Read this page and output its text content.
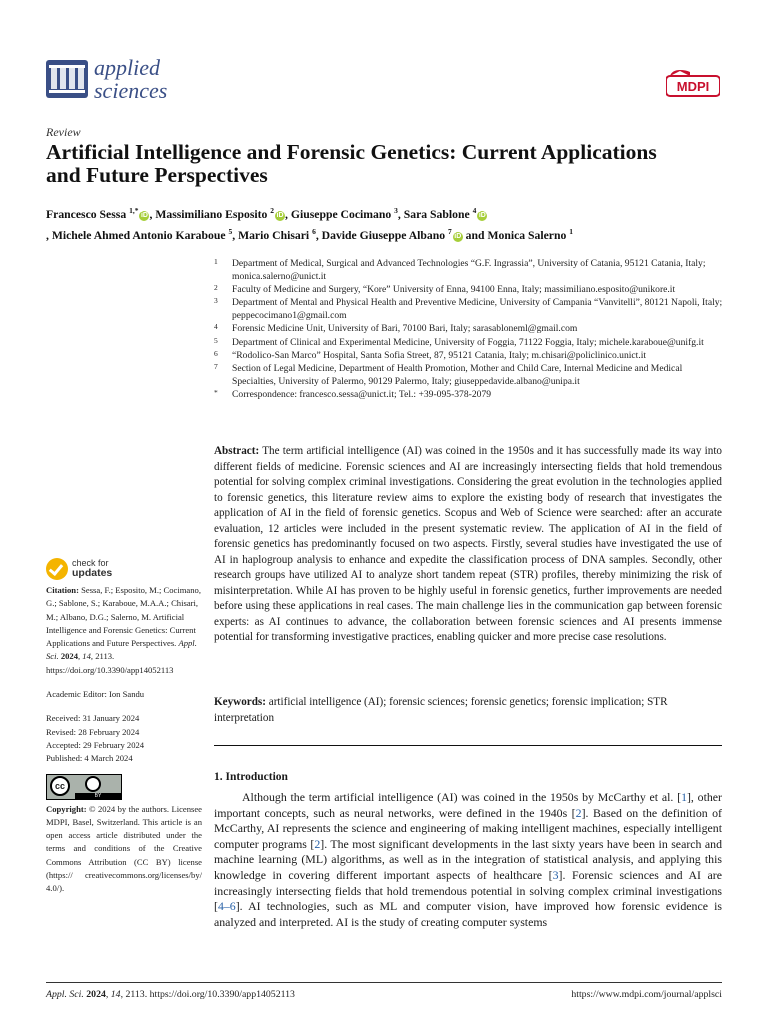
applied
sciences	MDPI
Review
Artificial Intelligence and Forensic Genetics: Current Applications and Future Perspectives
Francesco Sessa $^{1,*}$iD , Massimiliano Esposito $^2$iD , Giuseppe Cocimano $^3$, Sara Sablone $^4$iD
, Michele Ahmed Antonio Karaboue $^5$, Mario Chisari $^6$, Davide Giuseppe Albano $^7$iD and Monica Salerno $^1$
1 Department of Medical, Surgical and Advanced Technologies “G.F. Ingrassia”, University of Catania, 95121 Catania, Italy; monica.salerno@unict.it
2 Faculty of Medicine and Surgery, “Kore” University of Enna, 94100 Enna, Italy; massimiliano.esposito@unikore.it
3 Department of Mental and Physical Health and Preventive Medicine, University of Campania “Vanvitelli”, 80121 Napoli, Italy; peppecocimano1@gmail.com
4 Forensic Medicine Unit, University of Bari, 70100 Bari, Italy; sarasablone​ml@gmail.com
5 Department of Clinical and Experimental Medicine, University of Foggia, 71122 Foggia, Italy; michele.karaboue@unifg.it
6 “Rodolico-San Marco” Hospital, Santa Sofia Street, 87, 95121 Catania, Italy; m.chisari@policlinico.unict.it
7 Section of Legal Medicine, Department of Health Promotion, Mother and Child Care, Internal Medicine and Medical Specialties, University of Palermo, 90129 Palermo, Italy; giuseppedavide.albano@unipa.it
* Correspondence: francesco.sessa@unict.it; Tel.: +39-095-378-2079
Abstract: The term artificial intelligence (AI) was coined in the 1950s and it has successfully made its way into different fields of medicine. Forensic sciences and AI are increasingly intersecting fields that hold tremendous potential for solving complex criminal investigations. Considering the great evolution in the technologies applied to forensic genetics, this literature review aims to explore the existing body of research that investigates the application of AI in the field of forensic genetics. Scopus and Web of Science were searched: after an accurate evaluation, 12 articles were included in the present systematic review. The application of AI in the field of forensic genetics has predominantly focused on two aspects. Firstly, several studies have investigated the use of AI in haplogroup analysis to enhance and expedite the classification process of DNA samples. Secondly, other research groups have utilized AI to analyze short tandem repeat (STR) profiles, thereby minimizing the risk of misinterpretation. While AI has proven to be highly useful in forensic genetics, further improvements are needed before using these applications in real cases. The main challenge lies in the communication gap between forensic experts: as AI continues to advance, the collaboration between forensic sciences and AI presents immense potential for transforming investigative practices, enabling quicker and more precise case resolutions.
Keywords: artificial intelligence (AI); forensic sciences; forensic genetics; forensic implication; STR interpretation
1. Introduction
Although the term artificial intelligence (AI) was coined in the 1950s by McCarthy et al. [1], other important concepts, such as neural networks, were defined in the 1940s [2]. Based on the definition of McCarthy, AI represents the science and engineering of making intelligent machines, especially intelligent computer programs [2]. The most significant developments in the last sixty years have been in search and machine learning (ML) algorithms, as well as in the integration of statistical analysis, and applying this knowledge in covering different important aspects of healthcare [3]. Forensic sciences and AI are increasingly intersecting fields that hold tremendous potential in solving complex criminal investigations [4–6]. AI technologies, such as ML and computer vision, have improved how forensic evidence is analyzed and interpreted. AI is the study of creating computer systems
check for
updates

Citation: Sessa, F.; Esposito, M.; Cocimano, G.; Sablone, S.; Karaboue, M.A.A.; Chisari, M.; Albano, D.G.; Salerno, M. Artificial Intelligence and Forensic Genetics: Current Applications and Future Perspectives. Appl. Sci. 2024, 14, 2113. https://doi.org/10.3390/app14052113

Academic Editor: Ion Sandu

Received: 31 January 2024

Revised: 28 February 2024

Accepted: 29 February 2024

Published: 4 March 2024

cc
BY

Copyright: © 2024 by the authors. Licensee MDPI, Basel, Switzerland. This article is an open access article distributed under the terms and conditions of the Creative Commons Attribution (CC BY) license (https:// creativecommons.org/licenses/by/ 4.0/).

Appl. Sci. 2024, 14, 2113. https://doi.org/10.3390/app14052113	https://www.mdpi.com/journal/applsci
